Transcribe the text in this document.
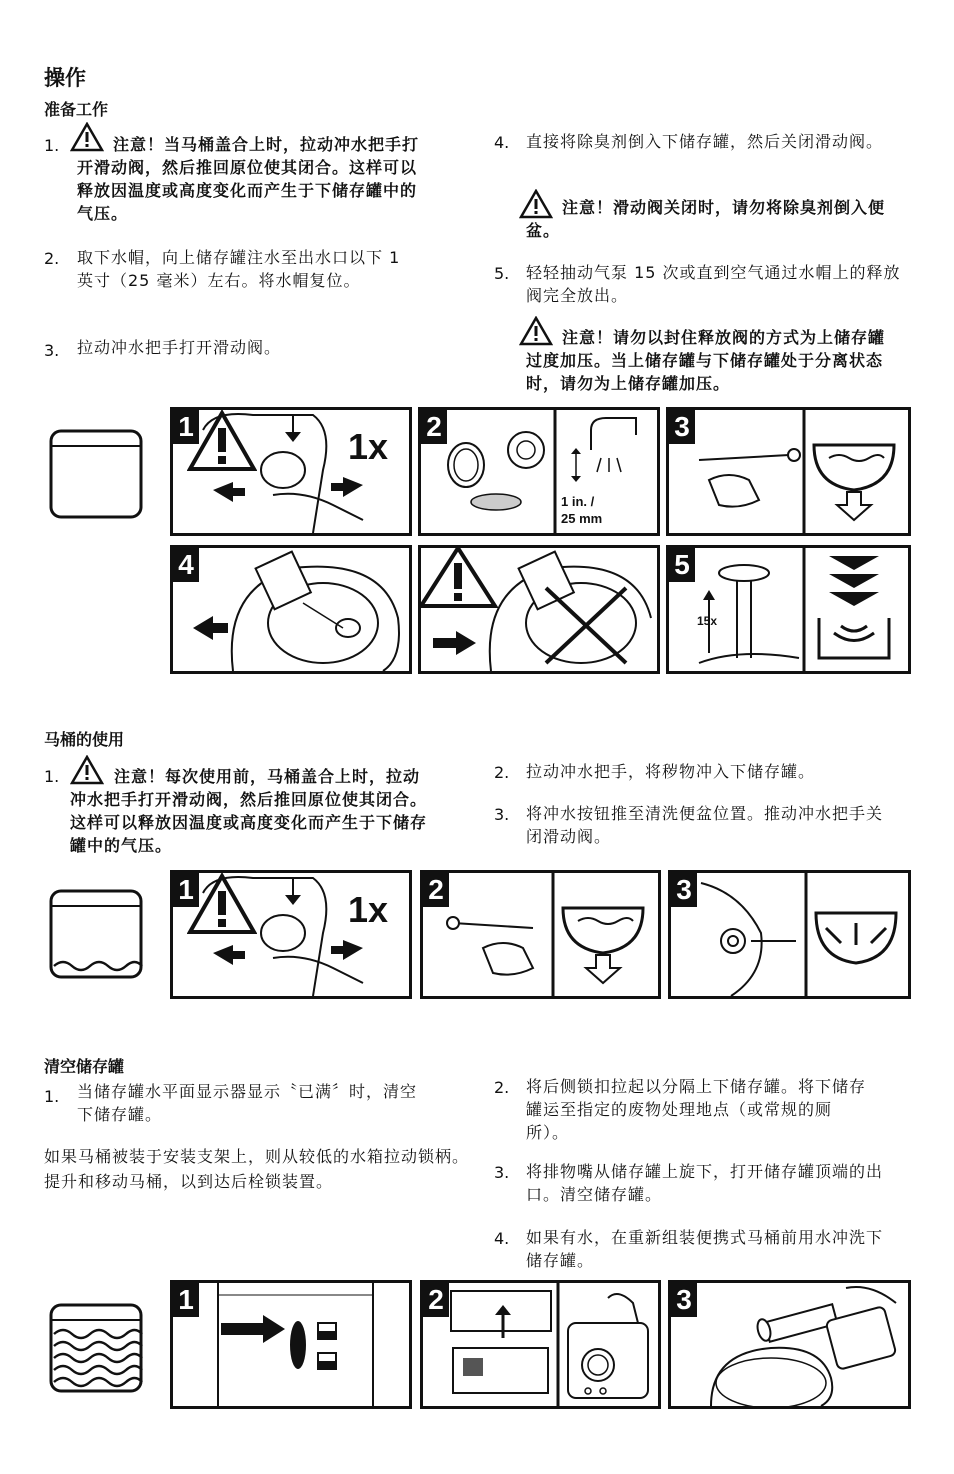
操作
准备工作
1.	注意！当马桶盖合上时，拉动冲水把手打开滑动阀，然后推回原位使其闭合。这样可以释放因温度或高度变化而产生于下储存罐中的气压。
2. 取下水帽，向上储存罐注水至出水口以下 1 英寸（25 毫米）左右。将水帽复位。
3. 拉动冲水把手打开滑动阀。
4. 直接将除臭剂倒入下储存罐，然后关闭滑动阀。
注意！滑动阀关闭时，请勿将除臭剂倒入便盆。
5. 轻轻抽动气泵 15 次或直到空气通过水帽上的释放阀完全放出。
注意！请勿以封住释放阀的方式为上储存罐过度加压。当上储存罐与下储存罐处于分离状态时，请勿为上储存罐加压。
1	1x 2
1 in. /
25 mm
3
4	5
15x
马桶的使用
1.	注意！每次使用前，马桶盖合上时，拉动冲水把手打开滑动阀，然后推回原位使其闭合。这样可以释放因温度或高度变化而产生于下储存罐中的气压。
2. 拉动冲水把手，将秽物冲入下储存罐。
3. 将冲水按钮推至清洗便盆位置。推动冲水把手关闭滑动阀。
1	1x 2	3
清空储存罐
1. 当储存罐水平面显示器显示〝已满〞时，清空下储存罐。
如果马桶被装于安装支架上，则从较低的水箱拉动锁柄。提升和移动马桶，以到达后栓锁装置。
2. 将后侧锁扣拉起以分隔上下储存罐。将下储存罐运至指定的废物处理地点（或常规的厕所）。
3. 将排物嘴从储存罐上旋下，打开储存罐顶端的出口。清空储存罐。
4. 如果有水，在重新组装便携式马桶前用水冲洗下储存罐。
1	2	3
